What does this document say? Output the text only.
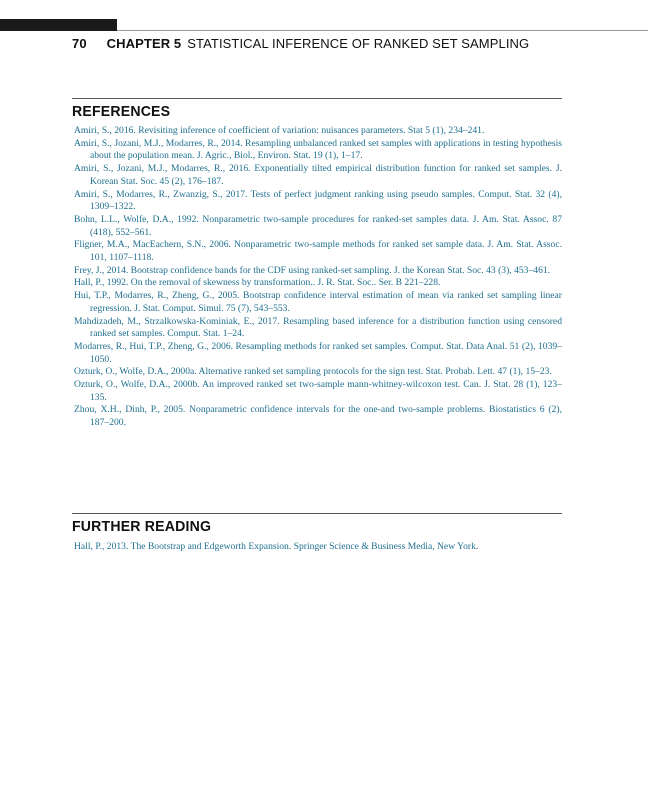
70 CHAPTER 5 STATISTICAL INFERENCE OF RANKED SET SAMPLING
REFERENCES
Amiri, S., 2016. Revisiting inference of coefficient of variation: nuisances parameters. Stat 5 (1), 234–241.
Amiri, S., Jozani, M.J., Modarres, R., 2014. Resampling unbalanced ranked set samples with applications in testing hypothesis about the population mean. J. Agric., Biol., Environ. Stat. 19 (1), 1–17.
Amiri, S., Jozani, M.J., Modarres, R., 2016. Exponentially tilted empirical distribution function for ranked set samples. J. Korean Stat. Soc. 45 (2), 176–187.
Amiri, S., Modarres, R., Zwanzig, S., 2017. Tests of perfect judgment ranking using pseudo samples. Comput. Stat. 32 (4), 1309–1322.
Bohn, L.L., Wolfe, D.A., 1992. Nonparametric two-sample procedures for ranked-set samples data. J. Am. Stat. Assoc. 87 (418), 552–561.
Fligner, M.A., MacEachern, S.N., 2006. Nonparametric two-sample methods for ranked set sample data. J. Am. Stat. Assoc. 101, 1107–1118.
Frey, J., 2014. Bootstrap confidence bands for the CDF using ranked-set sampling. J. the Korean Stat. Soc. 43 (3), 453–461.
Hall, P., 1992. On the removal of skewness by transformation.. J. R. Stat. Soc.. Ser. B 221–228.
Hui, T.P., Modarres, R., Zheng, G., 2005. Bootstrap confidence interval estimation of mean via ranked set sampling linear regression. J. Stat. Comput. Simul. 75 (7), 543–553.
Mahdizadeh, M., Strzalkowska-Kominiak, E., 2017. Resampling based inference for a distribution function using censored ranked set samples. Comput. Stat. 1–24.
Modarres, R., Hui, T.P., Zheng, G., 2006. Resampling methods for ranked set samples. Comput. Stat. Data Anal. 51 (2), 1039–1050.
Ozturk, O., Wolfe, D.A., 2000a. Alternative ranked set sampling protocols for the sign test. Stat. Probab. Lett. 47 (1), 15–23.
Ozturk, O., Wolfe, D.A., 2000b. An improved ranked set two-sample mann-whitney-wilcoxon test. Can. J. Stat. 28 (1), 123–135.
Zhou, X.H., Dinh, P., 2005. Nonparametric confidence intervals for the one-and two-sample problems. Biostatistics 6 (2), 187–200.
FURTHER READING
Hall, P., 2013. The Bootstrap and Edgeworth Expansion. Springer Science & Business Media, New York.
